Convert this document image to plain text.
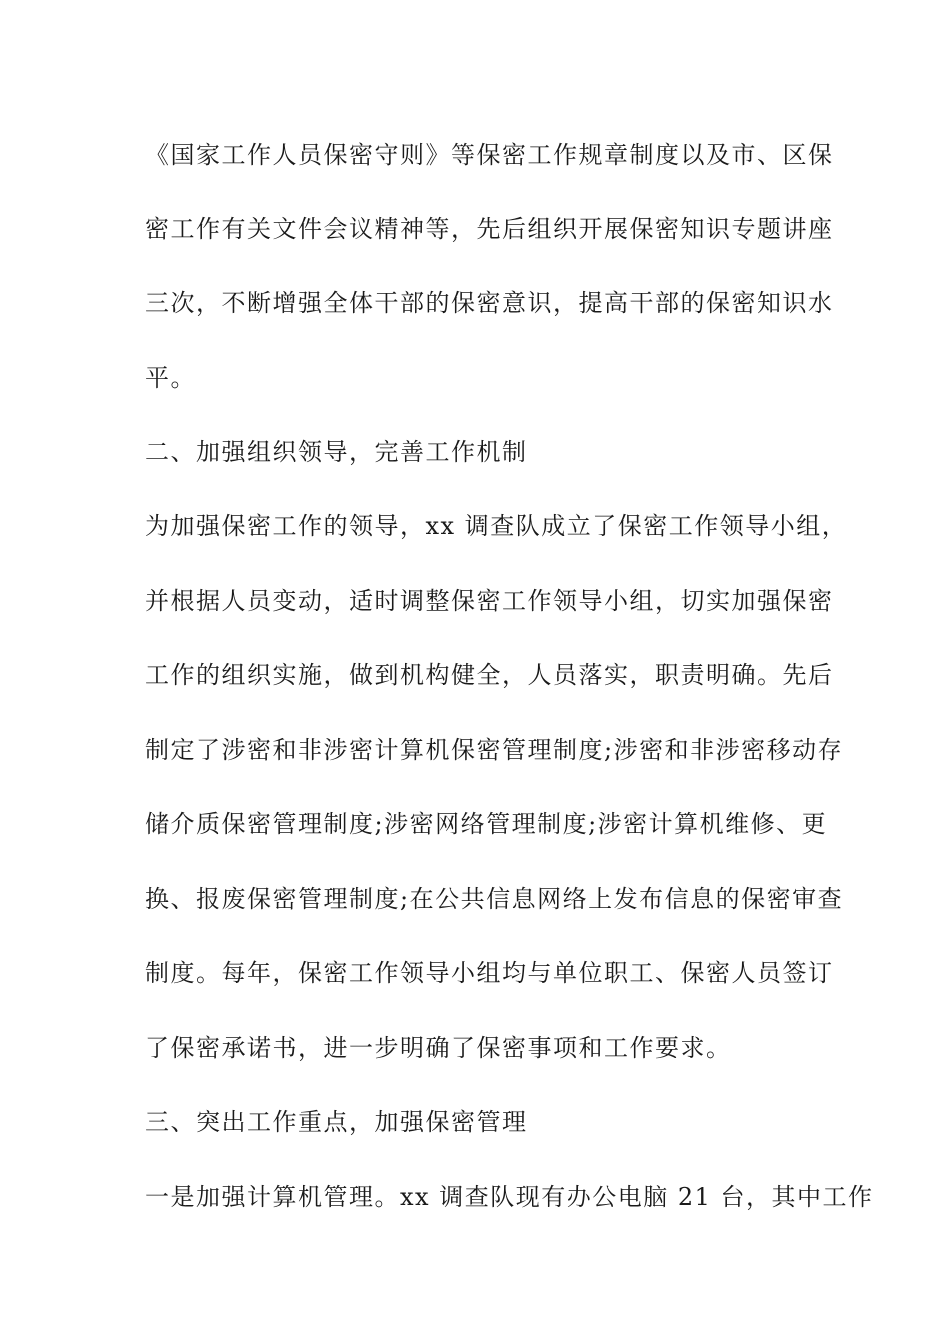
《国家工作人员保密守则》等保密工作规章制度以及市、区保
密工作有关文件会议精神等，先后组织开展保密知识专题讲座
三次，不断增强全体干部的保密意识，提高干部的保密知识水
平。
二、加强组织领导，完善工作机制
为加强保密工作的领导，xx 调查队成立了保密工作领导小组，
并根据人员变动，适时调整保密工作领导小组，切实加强保密
工作的组织实施，做到机构健全，人员落实，职责明确。先后
制定了涉密和非涉密计算机保密管理制度;涉密和非涉密移动存
储介质保密管理制度;涉密网络管理制度;涉密计算机维修、更
换、报废保密管理制度;在公共信息网络上发布信息的保密审查
制度。每年，保密工作领导小组均与单位职工、保密人员签订
了保密承诺书，进一步明确了保密事项和工作要求。
三、突出工作重点，加强保密管理
一是加强计算机管理。xx 调查队现有办公电脑 21 台，其中工作
